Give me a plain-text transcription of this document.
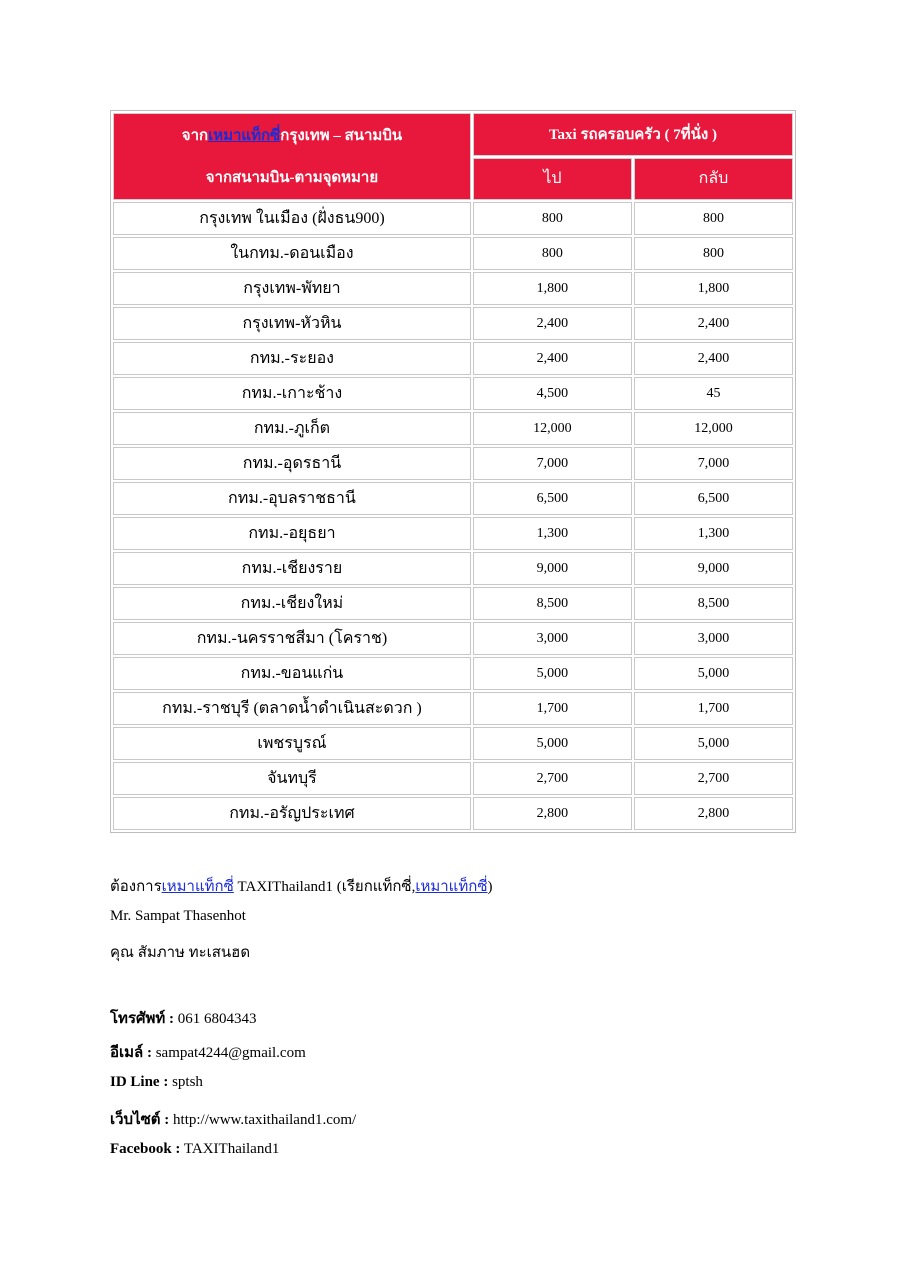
จากเหมาแท็กซี่กรุงเทพ – สนามบิน
จากสนามบิน-ตามจุดหมาย	Taxi รถครอบครัว ( 7ที่นั่ง )	
	ไป	กลับ
กรุงเทพ ในเมือง (ฝั่งธน900)	800	800
ในกทม.-ดอนเมือง	800	800
กรุงเทพ-พัทยา	1,800	1,800
กรุงเทพ-หัวหิน	2,400	2,400
กทม.-ระยอง	2,400	2,400
กทม.-เกาะช้าง	4,500	45
กทม.-ภูเก็ต	12,000	12,000
กทม.-อุดรธานี	7,000	7,000
กทม.-อุบลราชธานี	6,500	6,500
กทม.-อยุธยา	1,300	1,300
กทม.-เชียงราย	9,000	9,000
กทม.-เชียงใหม่	8,500	8,500
กทม.-นครราชสีมา (โคราช)	3,000	3,000
กทม.-ขอนแก่น	5,000	5,000
กทม.-ราชบุรี (ตลาดน้ำดำเนินสะดวก )	1,700	1,700
เพชรบูรณ์	5,000	5,000
จันทบุรี	2,700	2,700
กทม.-อรัญประเทศ	2,800	2,800
ต้องการเหมาแท็กซี่ TAXIThailand1 (เรียกแท็กซี่,เหมาแท็กซี่)
Mr. Sampat Thasenhot
คุณ สัมภาษ ทะเสนฮด
โทรศัพท์ : 061 6804343
อีเมล์ : sampat4244@gmail.com
ID Line : sptsh
เว็บไซต์ : http://www.taxithailand1.com/
Facebook : TAXIThailand1
